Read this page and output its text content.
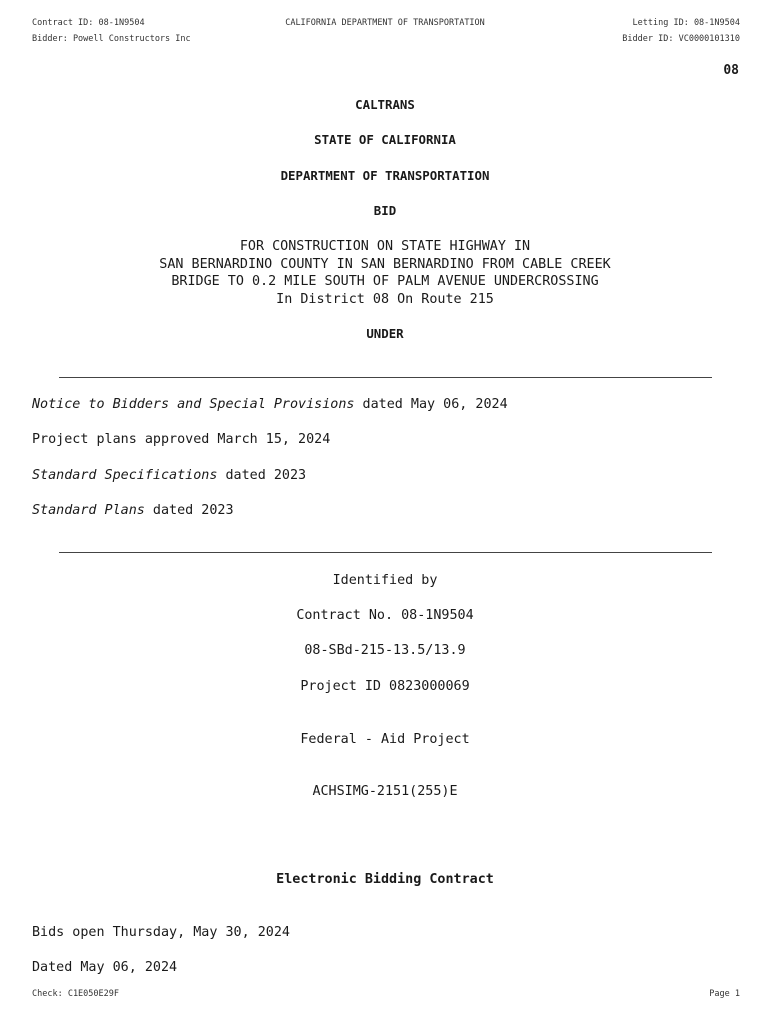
Contract ID: 08-1N9504	CALIFORNIA DEPARTMENT OF TRANSPORTATION	Letting ID: 08-1N9504
Bidder: Powell Constructors Inc	Bidder ID: VC0000101310
08
CALTRANS
STATE OF CALIFORNIA
DEPARTMENT OF TRANSPORTATION
BID
FOR CONSTRUCTION ON STATE HIGHWAY IN
SAN BERNARDINO COUNTY IN SAN BERNARDINO FROM CABLE CREEK
BRIDGE TO 0.2 MILE SOUTH OF PALM AVENUE UNDERCROSSING
In District 08 On Route 215
UNDER
Notice to Bidders and Special Provisions dated May 06, 2024
Project plans approved March 15, 2024
Standard Specifications dated 2023
Standard Plans dated 2023
Identified by
Contract No. 08-1N9504
08-SBd-215-13.5/13.9
Project ID 0823000069
Federal - Aid Project
ACHSIMG-2151(255)E
Electronic Bidding Contract
Bids open Thursday, May 30, 2024
Dated May 06, 2024
Check: C1E050E29F	Page 1
